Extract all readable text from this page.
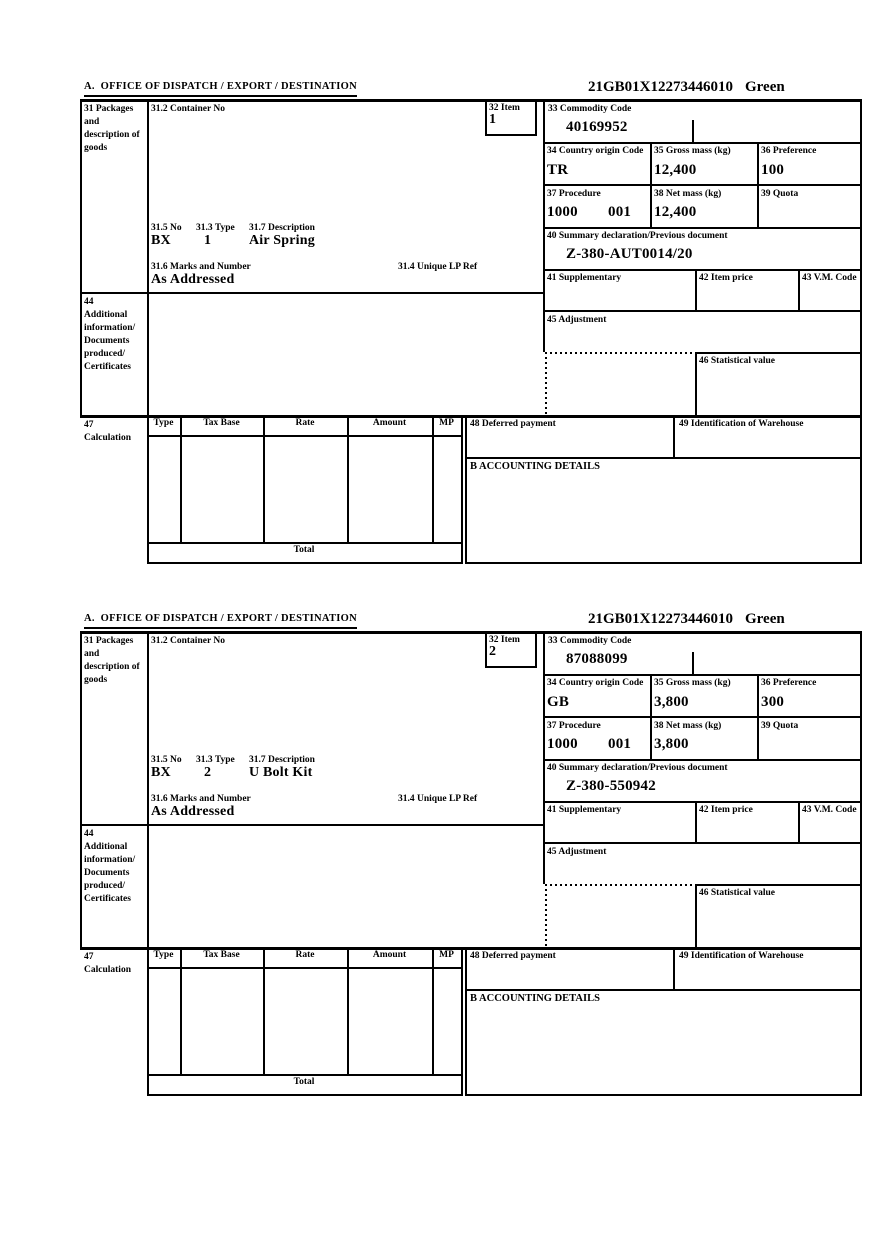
A.  OFFICE OF DISPATCH / EXPORT / DESTINATION	21GB01X12273446010 Green
31 Packages and description of goods
44 Additional information/ Documents produced/ Certificates
47 Calculation
31.2 Container No	32 Item
1
31.5 No 31.3 Type 31.7 Description
BX 1	Air Spring
31.6 Marks and Number	31.4 Unique LP Ref
As Addressed
33 Commodity Code
40169952
34 Country origin Code
TR
35 Gross mass (kg)
12,400
36 Preference
100
37 Procedure
1000 001
38 Net mass (kg)
12,400
39 Quota
40 Summary declaration/Previous document
Z-380-AUT0014/20
41 Supplementary	42 Item price	43 V.M. Code
45 Adjustment
46 Statistical value
Type	Tax Base	Rate	Amount	MP	48 Deferred payment	49 Identification of Warehouse
B ACCOUNTING DETAILS
Total
A.  OFFICE OF DISPATCH / EXPORT / DESTINATION	21GB01X12273446010 Green
31 Packages and description of goods
44 Additional information/ Documents produced/ Certificates
47 Calculation
31.2 Container No	32 Item
2
31.5 No 31.3 Type 31.7 Description
BX 2	U Bolt Kit
31.6 Marks and Number	31.4 Unique LP Ref
As Addressed
33 Commodity Code
87088099
34 Country origin Code
GB
35 Gross mass (kg)
3,800
36 Preference
300
37 Procedure
1000 001
38 Net mass (kg)
3,800
39 Quota
40 Summary declaration/Previous document
Z-380-550942
41 Supplementary	42 Item price	43 V.M. Code
45 Adjustment
46 Statistical value
Type	Tax Base	Rate	Amount	MP	48 Deferred payment	49 Identification of Warehouse
B ACCOUNTING DETAILS
Total
